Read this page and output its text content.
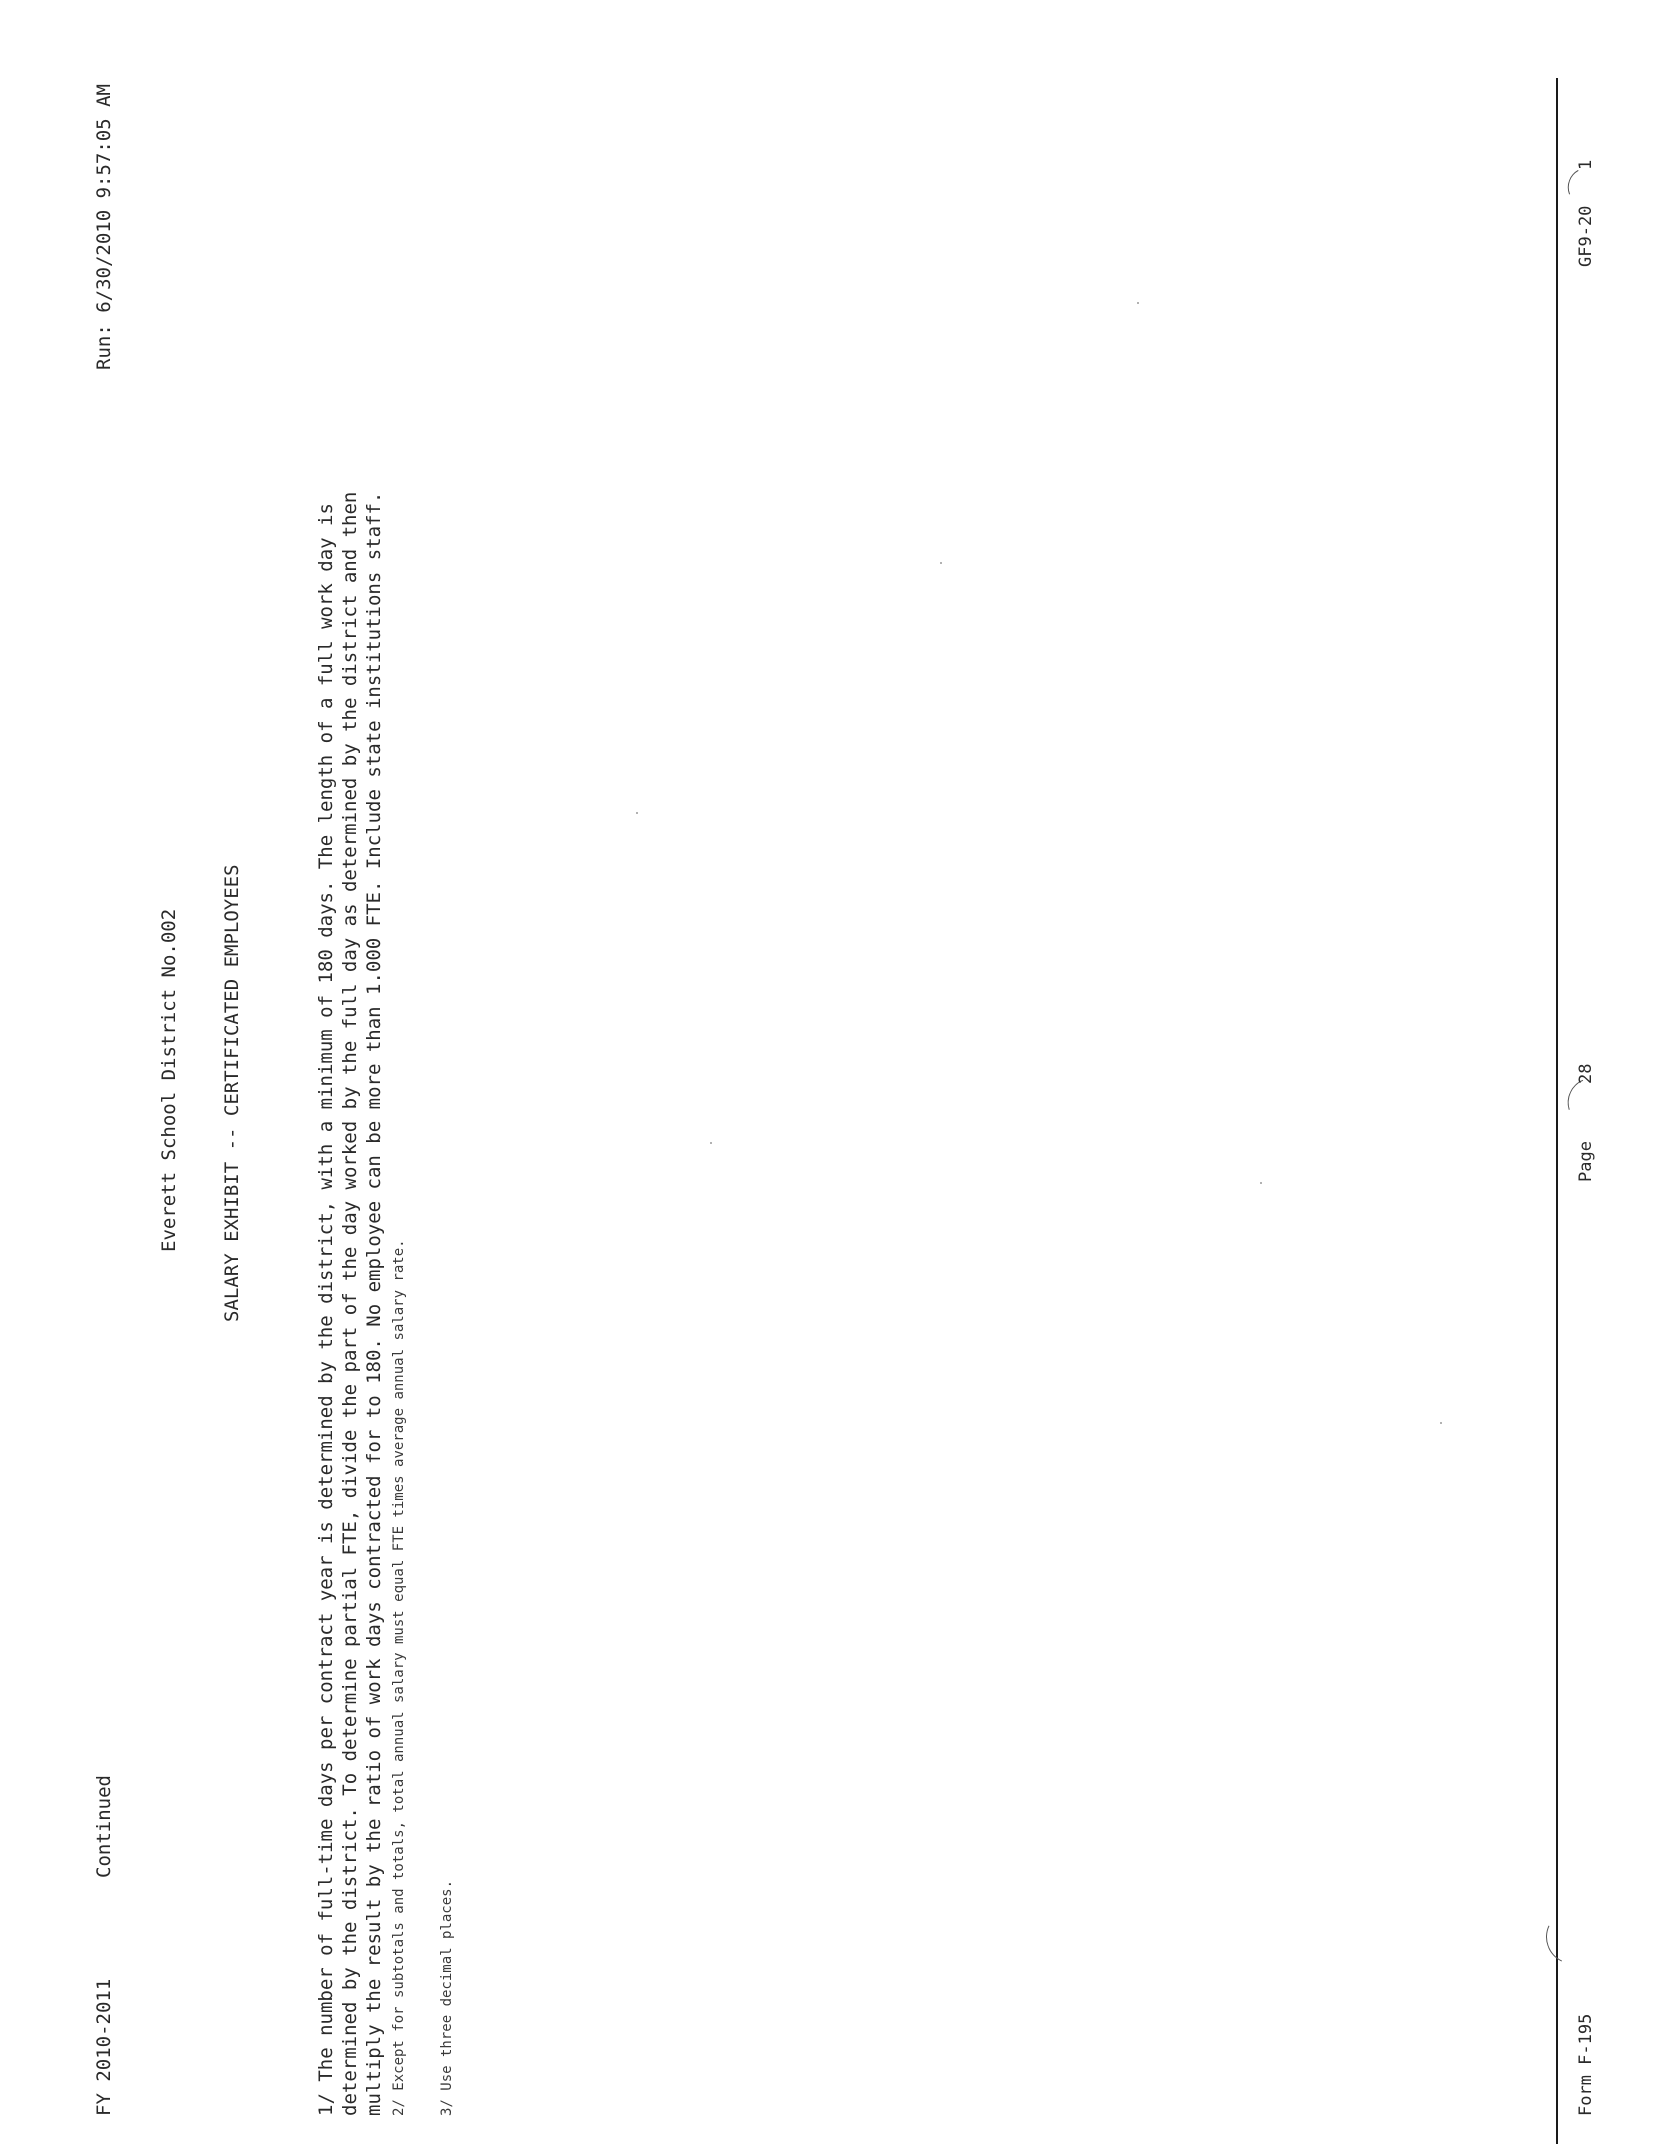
FY 2010-2011
Continued
Run: 6/30/2010 9:57:05 AM
Everett School District No.002 SALARY EXHIBIT -- CERTIFICATED EMPLOYEES	1/ The number of full-time days per contract year is determined by the district, with a minimum of 180 days. The length of a full work day is determined by the district. To determine partial FTE, divide the part of the day worked by the full day as determined by the district and then multiply the result by the ratio of work days contracted for to 180. No employee can be more than 1.000 FTE. Include state institutions staff. 2/ Except for subtotals and totals, total annual salary must equal FTE times average annual salary rate. 3/ Use three decimal places.	Form F-195
Page
28
GF9-20
1
